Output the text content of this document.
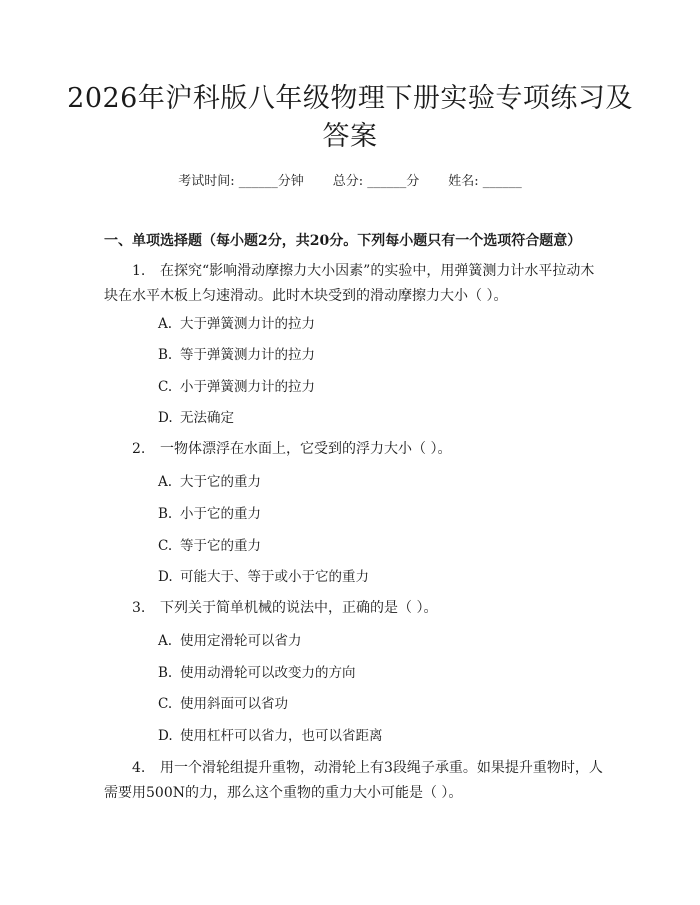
2026年沪科版八年级物理下册实验专项练习及答案
考试时间: ______分钟 总分: ______分 姓名: ______
一、单项选择题（每小题2分，共20分。下列每小题只有一个选项符合题意）
1. 在探究“影响滑动摩擦力大小因素”的实验中，用弹簧测力计水平拉动木块在水平木板上匀速滑动。此时木块受到的滑动摩擦力大小（ ）。
A. 大于弹簧测力计的拉力
B. 等于弹簧测力计的拉力
C. 小于弹簧测力计的拉力
D. 无法确定
2. 一物体漂浮在水面上，它受到的浮力大小（ ）。
A. 大于它的重力
B. 小于它的重力
C. 等于它的重力
D. 可能大于、等于或小于它的重力
3. 下列关于简单机械的说法中，正确的是（ ）。
A. 使用定滑轮可以省力
B. 使用动滑轮可以改变力的方向
C. 使用斜面可以省功
D. 使用杠杆可以省力，也可以省距离
4. 用一个滑轮组提升重物，动滑轮上有3段绳子承重。如果提升重物时，人需要用500N的力，那么这个重物的重力大小可能是（ ）。
